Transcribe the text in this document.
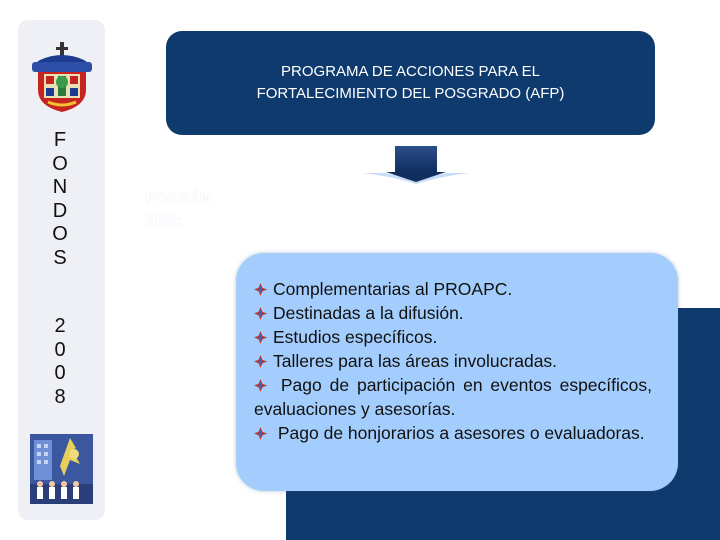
F
O
N
D
O
S
2
0
0
8
PROGRAMA DE ACCIONES PARA EL
FORTALECIMIENTO DEL POSGRADO (AFP)
PODRÁN
SER:
Complementarias al PROAPC.
Destinadas a la difusión.
Estudios específicos.
Talleres para las áreas involucradas.
Pago de participación en eventos específicos, evaluaciones y asesorías.
Pago de honjorarios a asesores o evaluadoras.
